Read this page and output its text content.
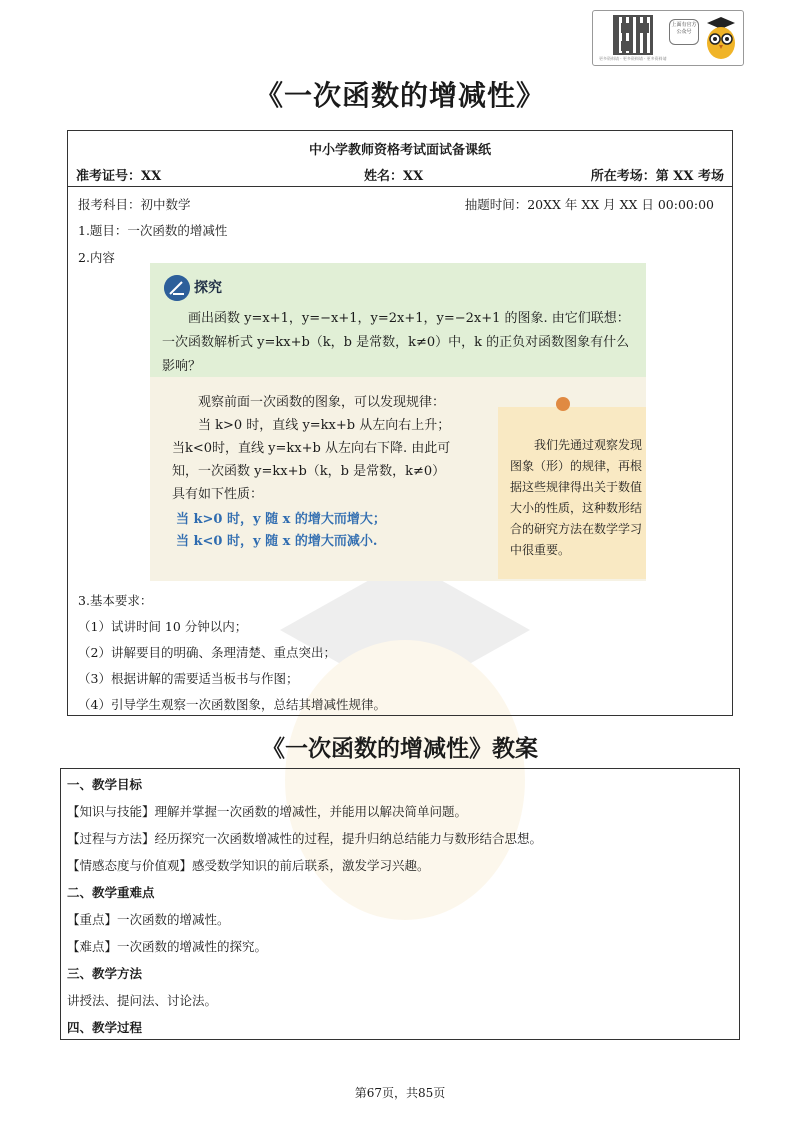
上面有官方公众号
更多资料请 · 更多资料请 · 更多资料请
《一次函数的增减性》
中小学教师资格考试面试备课纸
准考证号：XX	姓名：XX	所在考场：第 XX 考场
报考科目：初中数学	抽题时间：20XX 年 XX 月 XX 日 00:00:00
1.题目：一次函数的增减性
2.内容
3.基本要求：
（1）试讲时间 10 分钟以内；
（2）讲解要目的明确、条理清楚、重点突出；
（3）根据讲解的需要适当板书与作图；
（4）引导学生观察一次函数图象，总结其增减性规律。
探究
画出函数 y=x+1，y=−x+1，y=2x+1，y=−2x+1 的图象. 由它们联想：一次函数解析式 y=kx+b（k，b 是常数，k≠0）中，k 的正负对函数图象有什么影响？
观察前面一次函数的图象，可以发现规律：
当 k>0 时，直线 y=kx+b 从左向右上升；
当k<0时，直线 y=kx+b 从左向右下降. 由此可
知，一次函数 y=kx+b（k，b 是常数，k≠0）
具有如下性质：
当 k>0 时，y 随 x 的增大而增大；
当 k<0 时，y 随 x 的增大而减小.
我们先通过观察发现图象（形）的规律，再根据这些规律得出关于数值大小的性质，这种数形结合的研究方法在数学学习中很重要。
《一次函数的增减性》教案
一、教学目标
【知识与技能】理解并掌握一次函数的增减性，并能用以解决简单问题。
【过程与方法】经历探究一次函数增减性的过程，提升归纳总结能力与数形结合思想。
【情感态度与价值观】感受数学知识的前后联系，激发学习兴趣。
二、教学重难点
【重点】一次函数的增减性。
【难点】一次函数的增减性的探究。
三、教学方法
讲授法、提问法、讨论法。
四、教学过程
第67页，共85页
